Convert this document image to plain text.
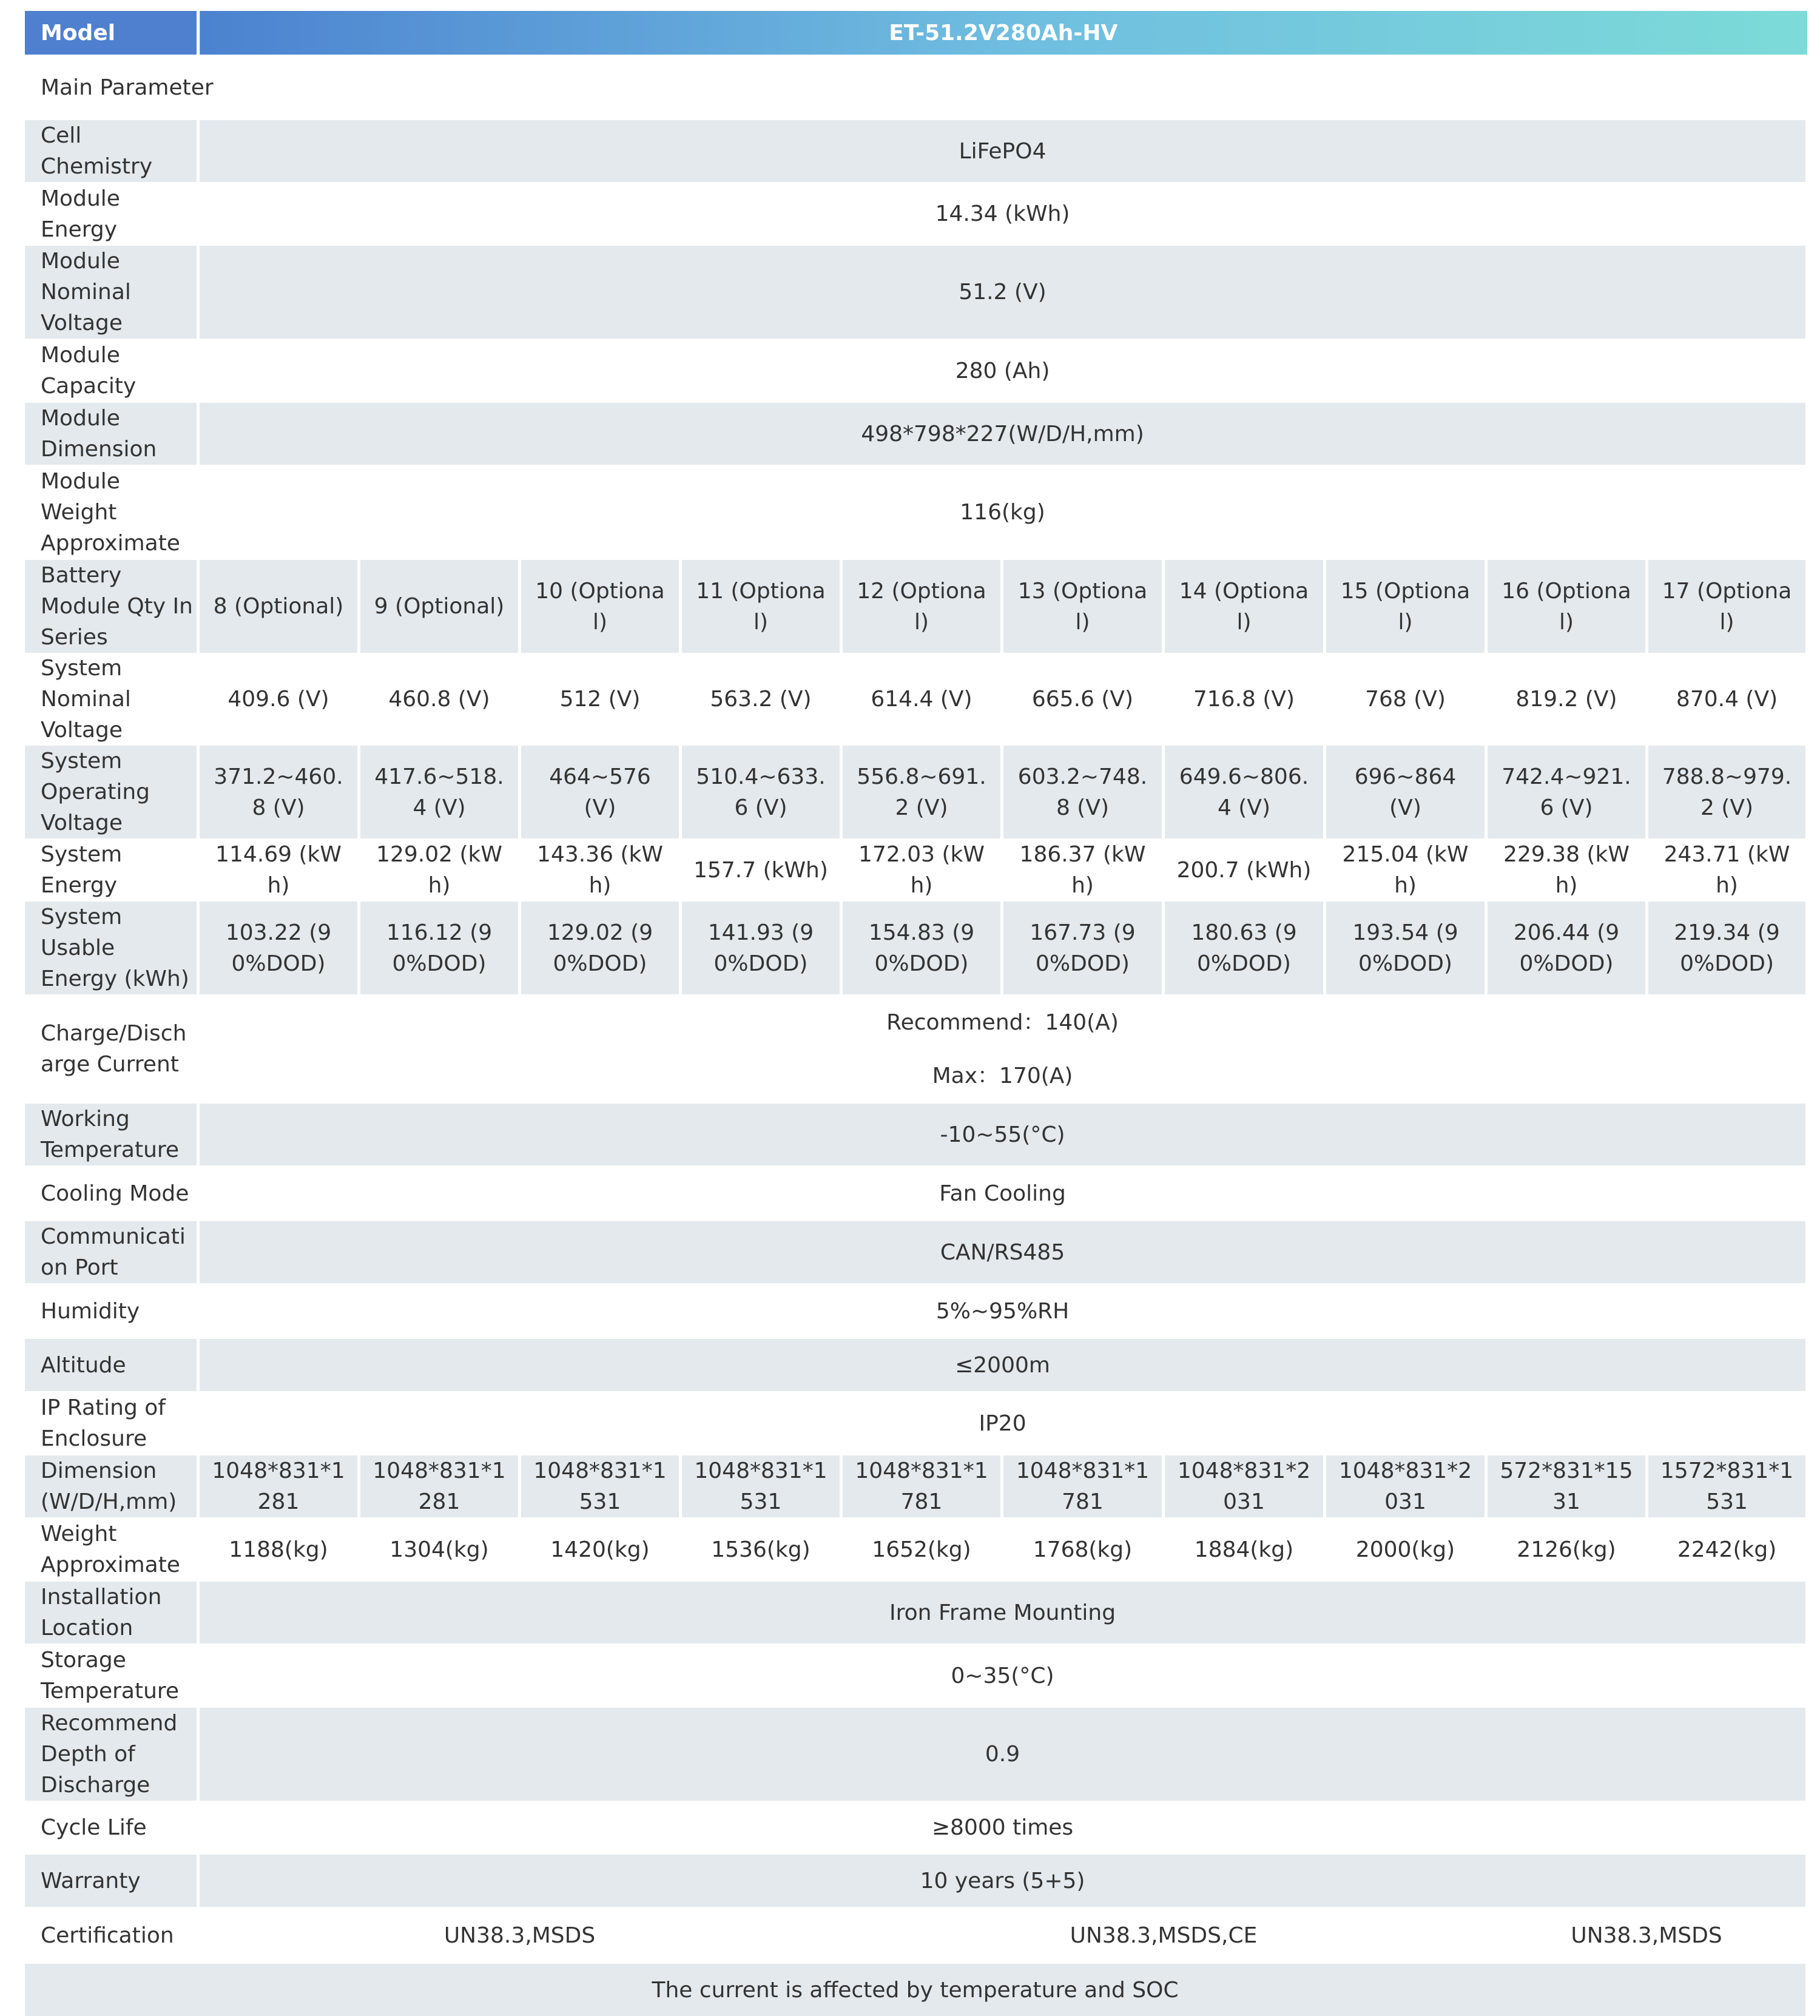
Model	ET-51.2V280Ah-HV									
Main Parameter										
Cell Chemistry	LiFePO4									
Module Energy	14.34 (kWh)									
Module Nominal Voltage	51.2 (V)									
Module Capacity	280 (Ah)									
Module Dimension	498*798*227(W/D/H,mm)									
Module Weight Approximate	116(kg)									
Battery Module Qty In Series	8 (Optional)	9 (Optional)	10 (Optional)	11 (Optional)	12 (Optional)	13 (Optional)	14 (Optional)	15 (Optional)	16 (Optional)	17 (Optional)
System Nominal Voltage	409.6 (V)	460.8 (V)	512 (V)	563.2 (V)	614.4 (V)	665.6 (V)	716.8 (V)	768 (V)	819.2 (V)	870.4 (V)
System Operating Voltage	371.2~460.8 (V)	417.6~518.4 (V)	464~576 (V)	510.4~633.6 (V)	556.8~691.2 (V)	603.2~748.8 (V)	649.6~806.4 (V)	696~864 (V)	742.4~921.6 (V)	788.8~979.2 (V)
System Energy	114.69 (kWh)	129.02 (kWh)	143.36 (kWh)	157.7 (kWh)	172.03 (kWh)	186.37 (kWh)	200.7 (kWh)	215.04 (kWh)	229.38 (kWh)	243.71 (kWh)
System Usable Energy (kWh)	103.22 (90%DOD)	116.12 (90%DOD)	129.02 (90%DOD)	141.93 (90%DOD)	154.83 (90%DOD)	167.73 (90%DOD)	180.63 (90%DOD)	193.54 (90%DOD)	206.44 (90%DOD)	219.34 (90%DOD)
Charge/Discharge Current	Recommend：140(A)
Max：170(A)									

Working Temperature	-10~55(°C)									
Cooling Mode	Fan Cooling									
Communication Port	CAN/RS485									
Humidity	5%~95%RH									
Altitude	≤2000m									
IP Rating of Enclosure	IP20									
Dimension (W/D/H,mm)	1048*831*1281	1048*831*1281	1048*831*1531	1048*831*1531	1048*831*1781	1048*831*1781	1048*831*2031	1048*831*2031	572*831*1531	1572*831*1531
Weight Approximate	1188(kg)	1304(kg)	1420(kg)	1536(kg)	1652(kg)	1768(kg)	1884(kg)	2000(kg)	2126(kg)	2242(kg)
Installation Location	Iron Frame Mounting									
Storage Temperature	0~35(°C)									
Recommend Depth of Discharge	0.9									
Cycle Life	≥8000 times									
Warranty	10 years (5+5)									
Certification	UN38.3,MSDS				UN38.3,MSDS,CE				UN38.3,MSDS	
The current is affected by temperature and SOC										
